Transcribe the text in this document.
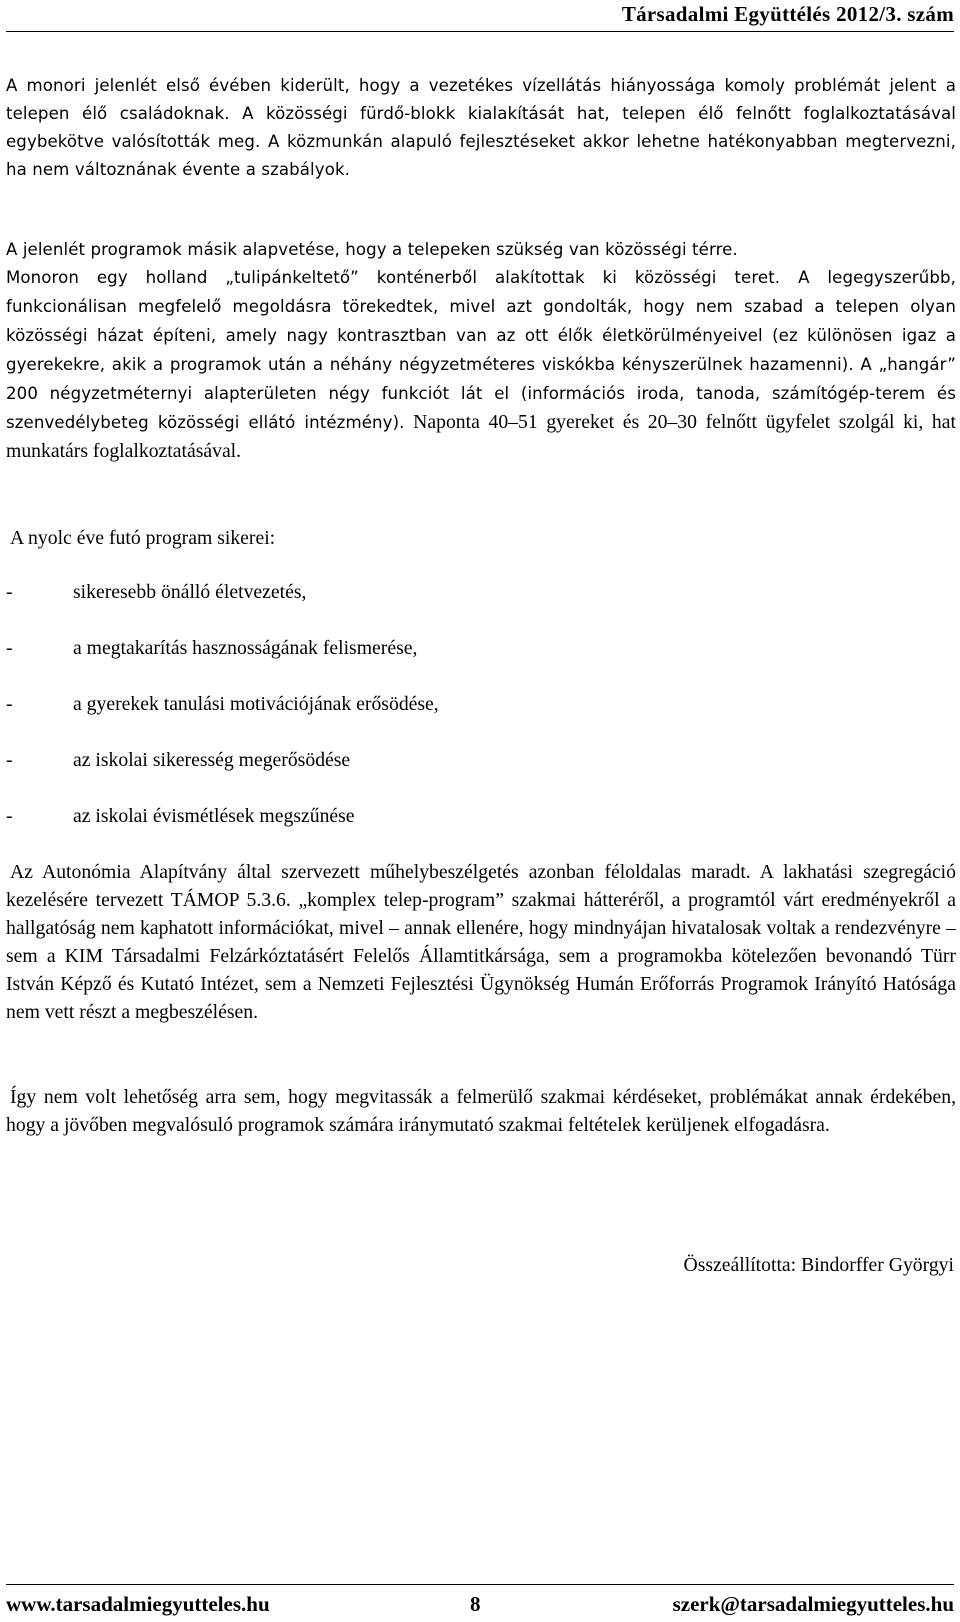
Társadalmi Együttélés 2012/3. szám

A monori jelenlét első évében kiderült, hogy a vezetékes vízellátás hiányossága komoly problémát jelent a telepen élő családoknak. A közösségi fürdő-blokk kialakítását hat, telepen élő felnőtt foglalkoztatásával egybekötve valósították meg. A közmunkán alapuló fejlesztéseket akkor lehetne hatékonyabban megtervezni, ha nem változnának évente a szabályok.

A jelenlét programok másik alapvetése, hogy a telepeken szükség van közösségi térre.

Monoron egy holland „tulipánkeltető” konténerből alakítottak ki közösségi teret. A legegyszerűbb, funkcionálisan megfelelő megoldásra törekedtek, mivel azt gondolták, hogy nem szabad a telepen olyan közösségi házat építeni, amely nagy kontrasztban van az ott élők életkörülményeivel (ez különösen igaz a gyerekekre, akik a programok után a néhány négyzetméteres viskókba kényszerülnek hazamenni). A „hangár” 200 négyzetméternyi alapterületen négy funkciót lát el (információs iroda, tanoda, számítógép-terem és szenvedélybeteg közösségi ellátó intézmény). Naponta 40–51 gyereket és 20–30 felnőtt ügyfelet szolgál ki, hat munkatárs foglalkoztatásával.

A nyolc éve futó program sikerei:
-	sikeresebb önálló életvezetés,
-	a megtakarítás hasznosságának felismerése,
-	a gyerekek tanulási motivációjának erősödése,
-	az iskolai sikeresség megerősödése
-	az iskolai évismétlések megszűnése

Az Autonómia Alapítvány által szervezett műhelybeszélgetés azonban féloldalas maradt. A lakhatási szegregáció kezelésére tervezett TÁMOP 5.3.6. „komplex telep-program” szakmai hátteréről, a programtól várt eredményekről a hallgatóság nem kaphatott információkat, mivel – annak ellenére, hogy mindnyájan hivatalosak voltak a rendezvényre – sem a KIM Társadalmi Felzárkóztatásért Felelős Államtitkársága, sem a programokba kötelezően bevonandó Türr István Képző és Kutató Intézet, sem a Nemzeti Fejlesztési Ügynökség Humán Erőforrás Programok Irányító Hatósága nem vett részt a megbeszélésen.

Így nem volt lehetőség arra sem, hogy megvitassák a felmerülő szakmai kérdéseket, problémákat annak érdekében, hogy a jövőben megvalósuló programok számára iránymutató szakmai feltételek kerüljenek elfogadásra.

Összeállította: Bindorffer Györgyi
www.tarsadalmiegyutteles.hu	8	szerk@tarsadalmiegyutteles.hu
